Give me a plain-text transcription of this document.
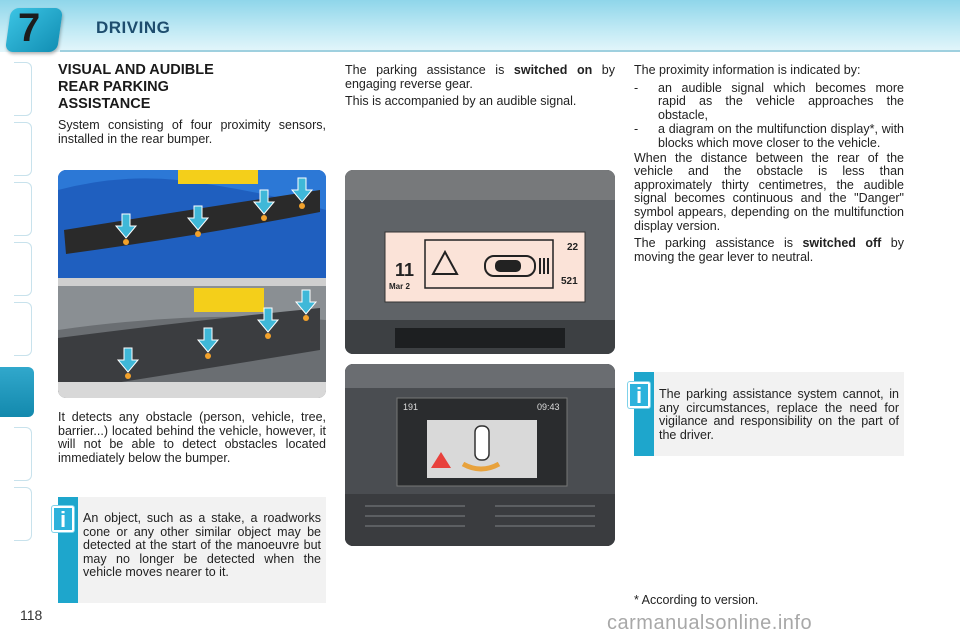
7	DRIVING
118
VISUAL AND AUDIBLE REAR PARKING ASSISTANCE

System consisting of four proximity sensors, installed in the rear bumper.

It detects any obstacle (person, vehicle, tree, barrier...) located behind the vehicle, however, it will not be able to detect obstacles located immediately below the bumper.

i	An object, such as a stake, a roadworks cone or any other similar object may be detected at the start of the manoeuvre but may no longer be detected when the vehicle moves nearer to it.

The parking assistance is switched on by engaging reverse gear.

This is accompanied by an audible signal.

11
Mar 2
22
521
191	09:43

The proximity information is indicated by:

- an audible signal which becomes more rapid as the vehicle approaches the obstacle,
- a diagram on the multifunction display*, with blocks which move closer to the vehicle.

When the distance between the rear of the vehicle and the obstacle is less than approximately thirty centimetres, the audible signal becomes continuous and the "Danger" symbol appears, depending on the multifunction display version.

The parking assistance is switched off by moving the gear lever to neutral.

i	The parking assistance system cannot, in any circumstances, replace the need for vigilance and responsibility on the part of the driver.
* According to version.
carmanualsonline.info
